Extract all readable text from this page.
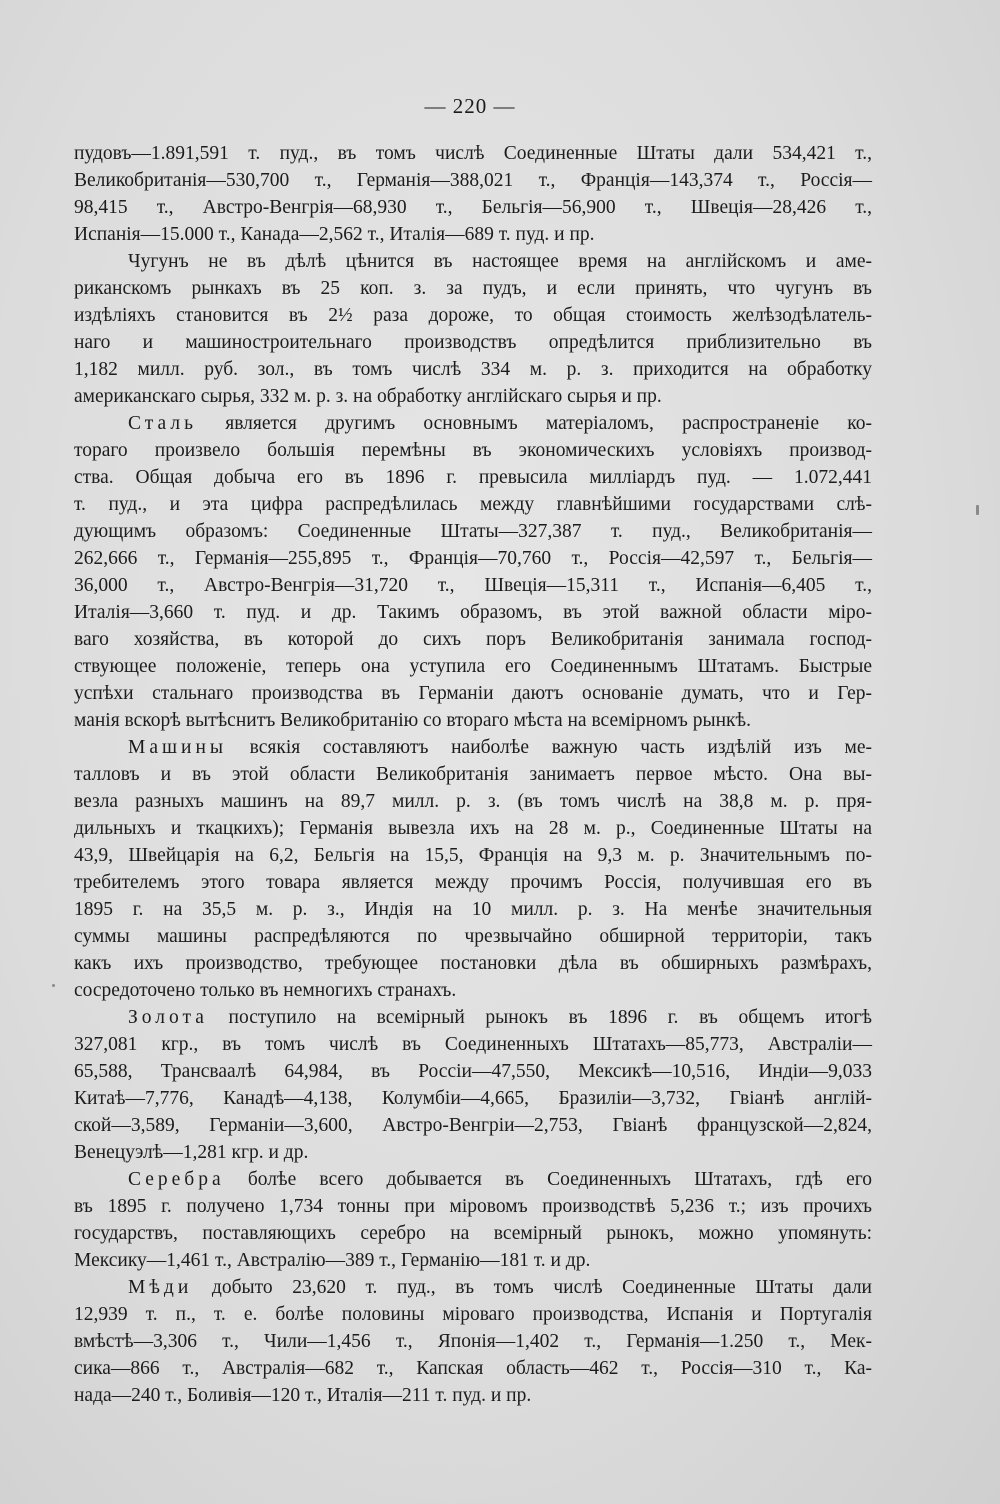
— 220 —
пудовъ—1.891,591 т. пуд., въ томъ числѣ Соединенные Штаты дали 534,421 т.,
Великобританія—530,700 т., Германія—388,021 т., Франція—143,374 т., Россія—
98,415 т., Австро-Венгрія—68,930 т., Бельгія—56,900 т., Швеція—28,426 т.,
Испанія—15.000 т., Канада—2,562 т., Италія—689 т. пуд. и пр.
Чугунъ не въ дѣлѣ цѣнится въ настоящее время на англійскомъ и аме-
риканскомъ рынкахъ въ 25 коп. з. за пудъ, и если принять, что чугунъ въ
издѣліяхъ становится въ 2½ раза дороже, то общая стоимость желѣзодѣлатель-
наго и машиностроительнаго производствъ опредѣлится приблизительно въ
1,182 милл. руб. зол., въ томъ числѣ 334 м. р. з. приходится на обработку
американскаго сырья, 332 м. р. з. на обработку англійскаго сырья и пр.
Сталь является другимъ основнымъ матеріаломъ, распространеніе ко-
тораго произвело большія перемѣны въ экономическихъ условіяхъ производ-
ства. Общая добыча его въ 1896 г. превысила миллiардъ пуд. — 1.072,441
т. пуд., и эта цифра распредѣлилась между главнѣйшими государствами слѣ-
дующимъ образомъ: Соединенные Штаты—327,387 т. пуд., Великобританія—
262,666 т., Германія—255,895 т., Франція—70,760 т., Россія—42,597 т., Бельгія—
36,000 т., Австро-Венгрія—31,720 т., Швеція—15,311 т., Испанія—6,405 т.,
Италія—3,660 т. пуд. и др. Такимъ образомъ, въ этой важной области міро-
ваго хозяйства, въ которой до сихъ поръ Великобританія занимала господ-
ствующее положеніе, теперь она уступила его Соединеннымъ Штатамъ. Быстрые
успѣхи стальнаго производства въ Германіи даютъ основаніе думать, что и Гер-
манія вскорѣ вытѣснитъ Великобританію со втораго мѣста на всемірномъ рынкѣ.
Машины всякія составляютъ наиболѣе важную часть издѣлій изъ ме-
талловъ и въ этой области Великобританія занимаетъ первое мѣсто. Она вы-
везла разныхъ машинъ на 89,7 милл. р. з. (въ томъ числѣ на 38,8 м. р. пря-
дильныхъ и ткацкихъ); Германія вывезла ихъ на 28 м. р., Соединенные Штаты на
43,9, Швейцарія на 6,2, Бельгія на 15,5, Франція на 9,3 м. р. Значительнымъ по-
требителемъ этого товара является между прочимъ Россія, получившая его въ
1895 г. на 35,5 м. р. з., Индія на 10 милл. р. з. На менѣе значительныя
суммы машины распредѣляются по чрезвычайно обширной территоріи, такъ
какъ ихъ производство, требующее постановки дѣла въ обширныхъ размѣрахъ,
сосредоточено только въ немногихъ странахъ.
Золота поступило на всемірный рынокъ въ 1896 г. въ общемъ итогѣ
327,081 кгр., въ томъ числѣ въ Соединенныхъ Штатахъ—85,773, Австраліи—
65,588, Трансваалѣ 64,984, въ Россіи—47,550, Мексикѣ—10,516, Индіи—9,033
Китаѣ—7,776, Канадѣ—4,138, Колумбіи—4,665, Бразиліи—3,732, Гвіанѣ англій-
ской—3,589, Германіи—3,600, Австро-Венгріи—2,753, Гвіанѣ французской—2,824,
Венецуэлѣ—1,281 кгр. и др.
Серебра болѣе всего добывается въ Соединенныхъ Штатахъ, гдѣ его
въ 1895 г. получено 1,734 тонны при міровомъ производствѣ 5,236 т.; изъ прочихъ
государствъ, поставляющихъ серебро на всемірный рынокъ, можно упомянуть:
Мексику—1,461 т., Австралію—389 т., Германію—181 т. и др.
Мѣди добыто 23,620 т. пуд., въ томъ числѣ Соединенные Штаты дали
12,939 т. п., т. е. болѣе половины міроваго производства, Испанія и Португалія
вмѣстѣ—3,306 т., Чили—1,456 т., Японія—1,402 т., Германія—1.250 т., Мек-
сика—866 т., Австралія—682 т., Капская область—462 т., Россія—310 т., Ка-
нада—240 т., Боливія—120 т., Италія—211 т. пуд. и пр.
